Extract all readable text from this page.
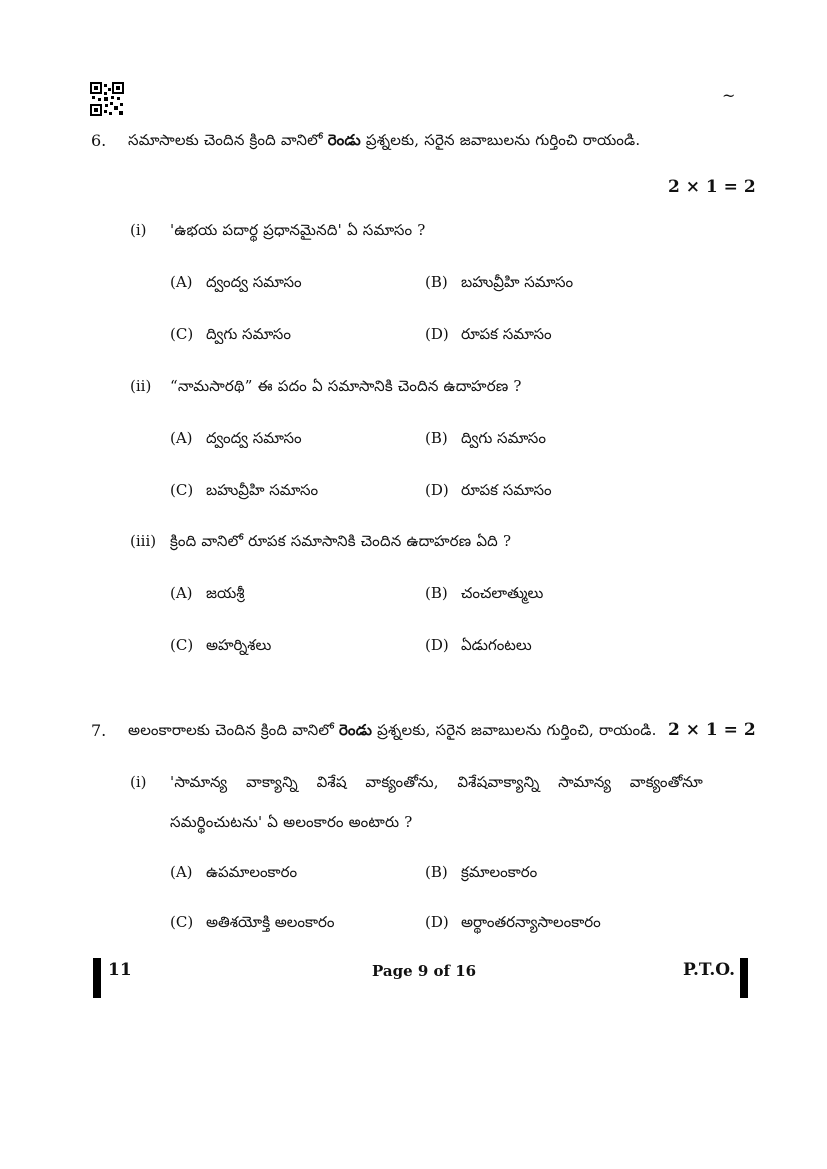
~
6. సమాసాలకు చెందిన క్రింది వానిలో రెండు ప్రశ్నలకు, సరైన జవాబులను గుర్తించి రాయండి.
2 × 1 = 2
(i) 'ఉభయ పదార్థ ప్రధానమైనది' ఏ సమాసం ?
(A) ద్వంద్వ సమాసం	(B) బహువ్రీహి సమాసం
(C) ద్విగు సమాసం	(D) రూపక సమాసం
(ii) “నామసారథి” ఈ పదం ఏ సమాసానికి చెందిన ఉదాహరణ ?
(A) ద్వంద్వ సమాసం	(B) ద్విగు సమాసం
(C) బహువ్రీహి సమాసం	(D) రూపక సమాసం
(iii) క్రింది వానిలో రూపక సమాసానికి చెందిన ఉదాహరణ ఏది ?
(A) జయశ్రీ	(B) చంచలాత్ములు
(C) అహర్నిశలు	(D) ఏడుగంటలు
7. అలంకారాలకు చెందిన క్రింది వానిలో రెండు ప్రశ్నలకు, సరైన జవాబులను గుర్తించి, రాయండి. 2 × 1 = 2
(i) 'సామాన్య వాక్యాన్ని విశేష వాక్యంతోను, విశేషవాక్యాన్ని సామాన్య వాక్యంతోనూ
సమర్థించుటను' ఏ అలంకారం అంటారు ?
(A) ఉపమాలంకారం	(B) క్రమాలంకారం
(C) అతిశయోక్తి అలంకారం	(D) అర్థాంతరన్యాసాలంకారం
11	Page 9 of 16	P.T.O.
